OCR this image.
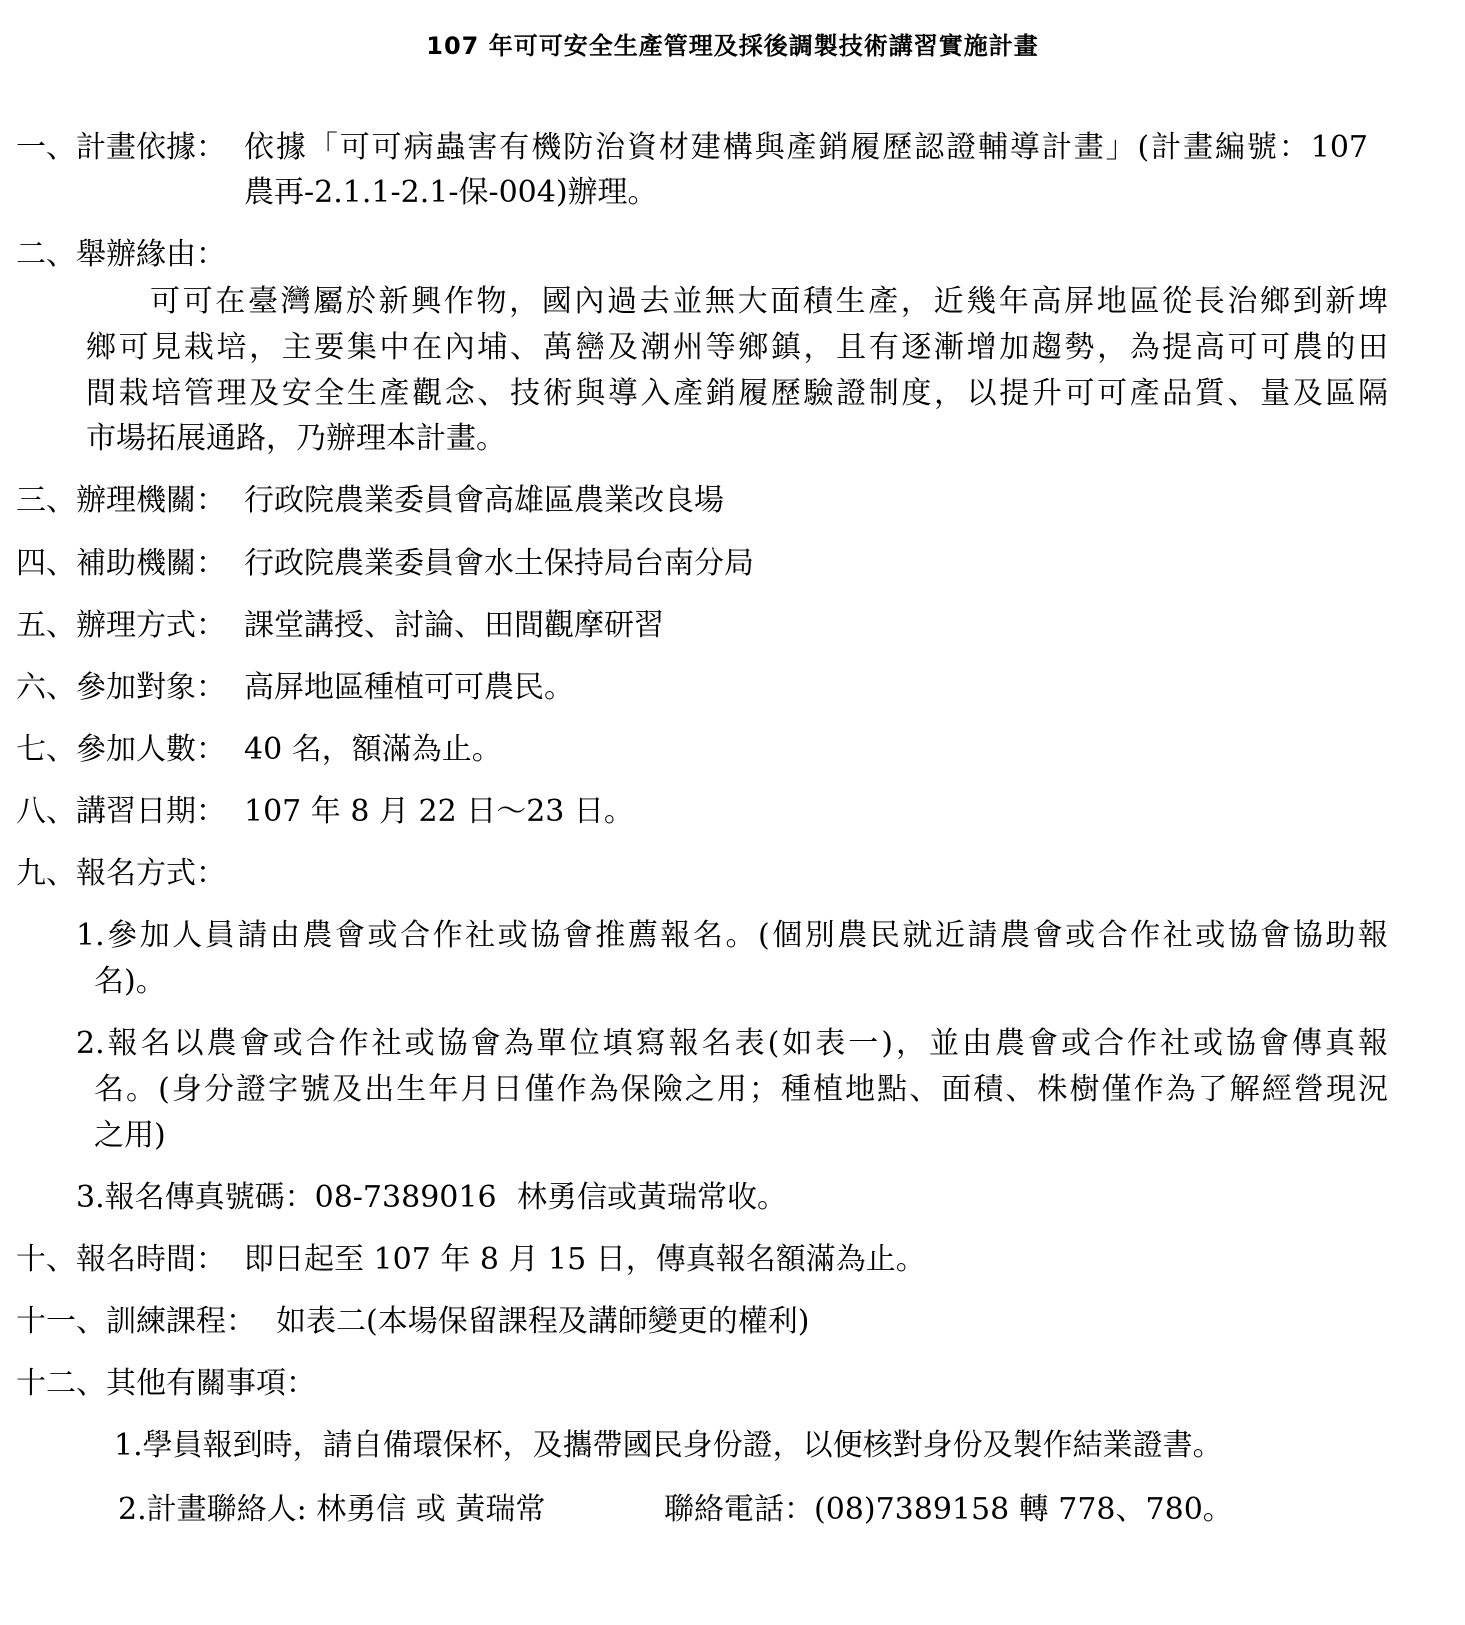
107 年可可安全生產管理及採後調製技術講習實施計畫
一、計畫依據： 依據「可可病蟲害有機防治資材建構與產銷履歷認證輔導計畫」(計畫編號：107
農再-2.1.1-2.1-保-004)辦理。
二、舉辦緣由：
可可在臺灣屬於新興作物，國內過去並無大面積生產，近幾年高屏地區從長治鄉到新埤
鄉可見栽培，主要集中在內埔、萬巒及潮州等鄉鎮，且有逐漸增加趨勢，為提高可可農的田
間栽培管理及安全生產觀念、技術與導入產銷履歷驗證制度，以提升可可產品質、量及區隔
市場拓展通路，乃辦理本計畫。
三、辦理機關： 行政院農業委員會高雄區農業改良場
四、補助機關： 行政院農業委員會水土保持局台南分局
五、辦理方式： 課堂講授、討論、田間觀摩研習
六、參加對象： 高屏地區種植可可農民。
七、參加人數： 40 名，額滿為止。
八、講習日期： 107 年 8 月 22 日～23 日。
九、報名方式：
1.參加人員請由農會或合作社或協會推薦報名。(個別農民就近請農會或合作社或協會協助報
名)。
2.報名以農會或合作社或協會為單位填寫報名表(如表一)，並由農會或合作社或協會傳真報
名。(身分證字號及出生年月日僅作為保險之用；種植地點、面積、株樹僅作為了解經營現況
之用)
3.報名傳真號碼：08-7389016 林勇信或黃瑞常收。
十、報名時間： 即日起至 107 年 8 月 15 日，傳真報名額滿為止。
十一、訓練課程： 如表二(本場保留課程及講師變更的權利)
十二、其他有關事項：
1.學員報到時，請自備環保杯，及攜帶國民身份證，以便核對身份及製作結業證書。
2.計畫聯絡人: 林勇信 或 黃瑞常	聯絡電話：(08)7389158 轉 778、780。
